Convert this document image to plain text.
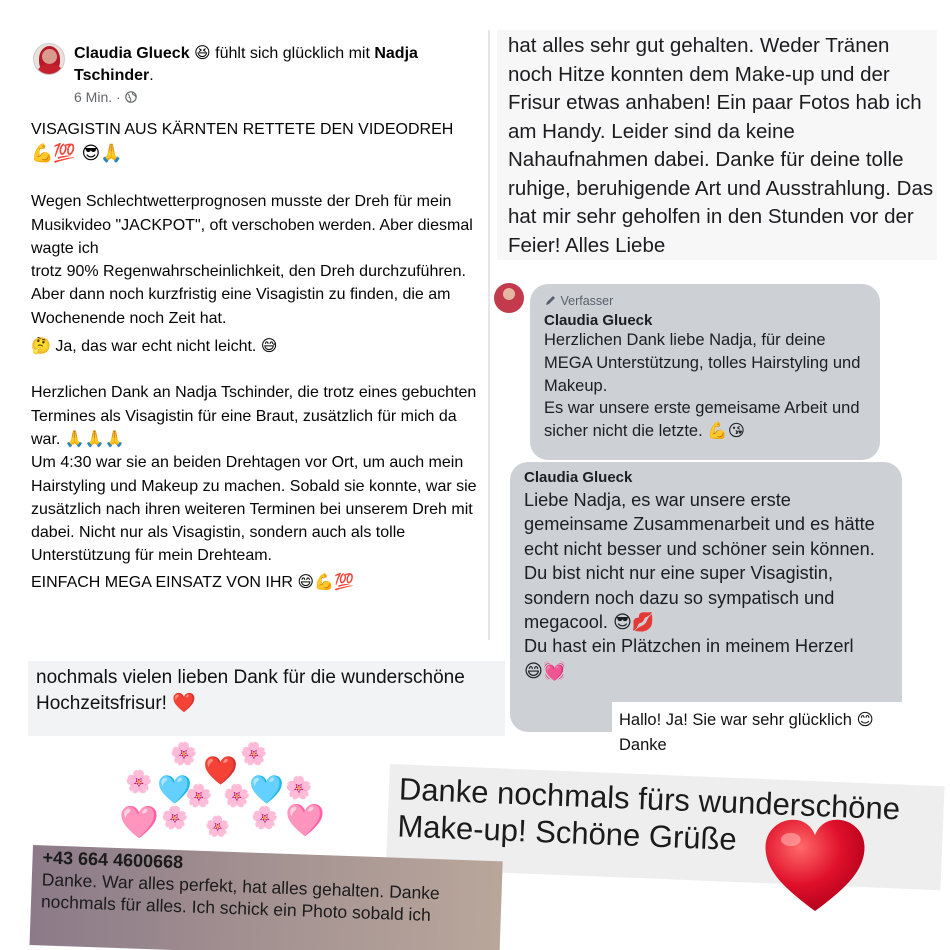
Claudia Glueck 😆 fühlt sich glücklich mit Nadja Tschinder.
6 Min. ·

VISAGISTIN AUS KÄRNTEN RETTETE DEN VIDEODREH

💪💯 😎🙏

Wegen Schlechtwetterprognosen musste der Dreh für mein Musikvideo "JACKPOT", oft verschoben werden. Aber diesmal wagte ich

trotz 90% Regenwahrscheinlichkeit, den Dreh durchzuführen. Aber dann noch kurzfristig eine Visagistin zu finden, die am Wochenende noch Zeit hat.

🤔 Ja, das war echt nicht leicht. 😅

Herzlichen Dank an Nadja Tschinder, die trotz eines gebuchten Termines als Visagistin für eine Braut, zusätzlich für mich da war. 🙏🙏🙏

Um 4:30 war sie an beiden Drehtagen vor Ort, um auch mein Hairstyling und Makeup zu machen. Sobald sie konnte, war sie zusätzlich nach ihren weiteren Terminen bei unserem Dreh mit dabei. Nicht nur als Visagistin, sondern auch als tolle Unterstützung für mein Drehteam.

EINFACH MEGA EINSATZ VON IHR 😄💪💯

hat alles sehr gut gehalten. Weder Tränen noch Hitze konnten dem Make-up und der Frisur etwas anhaben! Ein paar Fotos hab ich am Handy. Leider sind da keine Nahaufnahmen dabei. Danke für deine tolle ruhige, beruhigende Art und Ausstrahlung. Das hat mir sehr geholfen in den Stunden vor der Feier! Alles Liebe
Verfasser
Claudia Glueck
Herzlichen Dank liebe Nadja, für deine MEGA Unterstützung, tolles Hairstyling und Makeup.
Es war unsere erste gemeisame Arbeit und sicher nicht die letzte. 💪😘
Claudia Glueck
Liebe Nadja, es war unsere erste gemeinsame Zusammenarbeit und es hätte echt nicht besser und schöner sein können.
Du bist nicht nur eine super Visagistin, sondern noch dazu so sympatisch und megacool. 😎💋
Du hast ein Plätzchen in meinem Herzerl
😄💓
Hallo! Ja! Sie war sehr glücklich 😊
Danke
nochmals vielen lieben Dank für die wunderschöne Hochzeitsfrisur! ❤️
🌸 🌸
🩵
❤️
🩵
🌸	🌸
🌸 🌸
🌸
🩷	🌸
🌸 🩷 Danke nochmals fürs wunderschöne Make-up! Schöne Grüße
+43 664 4600668
Danke. War alles perfekt, hat alles gehalten. Danke nochmals für alles. Ich schick ein Photo sobald ich
